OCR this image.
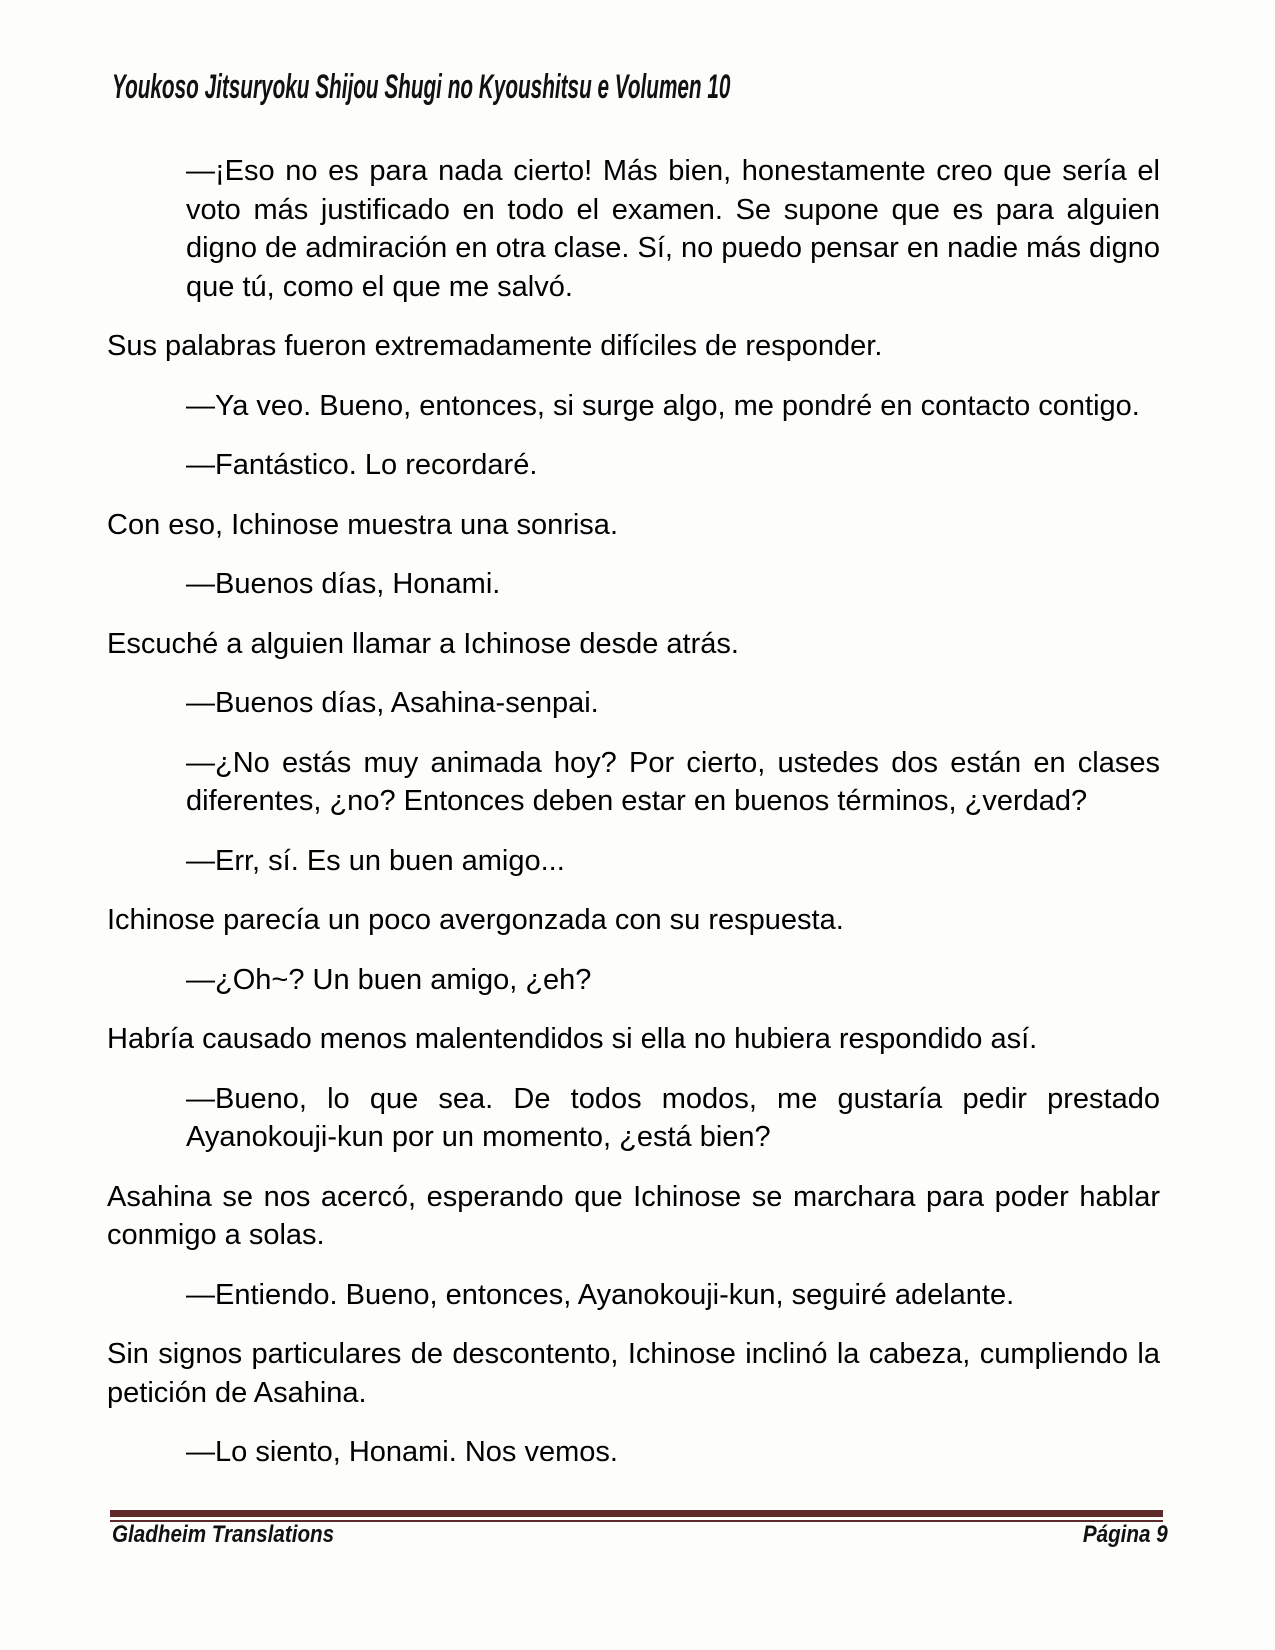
Youkoso Jitsuryoku Shijou Shugi no Kyoushitsu e Volumen 10

—¡Eso no es para nada cierto! Más bien, honestamente creo que sería el voto más justificado en todo el examen. Se supone que es para alguien digno de admiración en otra clase. Sí, no puedo pensar en nadie más digno que tú, como el que me salvó.

Sus palabras fueron extremadamente difíciles de responder.

—Ya veo. Bueno, entonces, si surge algo, me pondré en contacto contigo.

—Fantástico. Lo recordaré.

Con eso, Ichinose muestra una sonrisa.

—Buenos días, Honami.

Escuché a alguien llamar a Ichinose desde atrás.

—Buenos días, Asahina-senpai.

—¿No estás muy animada hoy? Por cierto, ustedes dos están en clases diferentes, ¿no? Entonces deben estar en buenos términos, ¿verdad?

—Err, sí. Es un buen amigo...

Ichinose parecía un poco avergonzada con su respuesta.

—¿Oh~? Un buen amigo, ¿eh?

Habría causado menos malentendidos si ella no hubiera respondido así.

—Bueno, lo que sea. De todos modos, me gustaría pedir prestado Ayanokouji-kun por un momento, ¿está bien?

Asahina se nos acercó, esperando que Ichinose se marchara para poder hablar conmigo a solas.

—Entiendo. Bueno, entonces, Ayanokouji-kun, seguiré adelante.

Sin signos particulares de descontento, Ichinose inclinó la cabeza, cumpliendo la petición de Asahina.

—Lo siento, Honami. Nos vemos.

Gladheim Translations	Página 9
